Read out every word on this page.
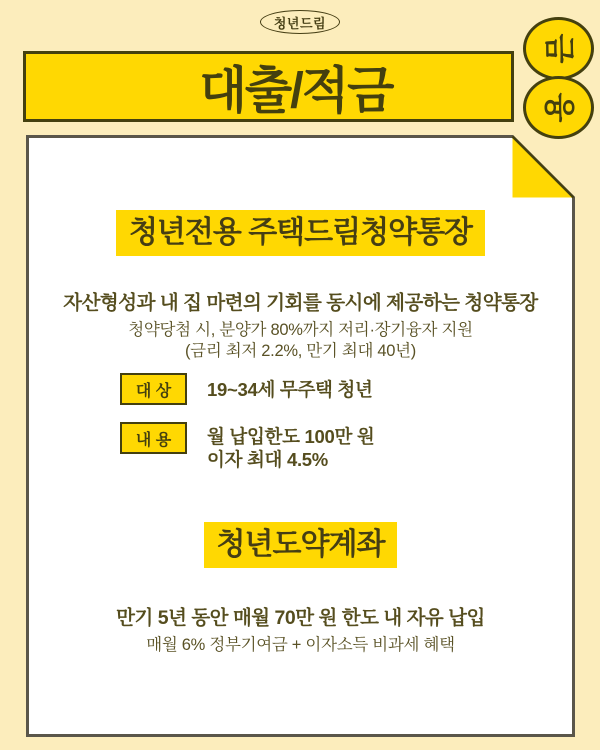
청년드림
대출/적금
금
융
청년전용 주택드림청약통장
자산형성과 내 집 마련의 기회를 동시에 제공하는 청약통장
청약당첨 시, 분양가 80%까지 저리·장기융자 지원
(금리 최저 2.2%, 만기 최대 40년)
대 상 19~34세 무주택 청년
내 용 월 납입한도 100만 원
이자 최대 4.5%
청년도약계좌
만기 5년 동안 매월 70만 원 한도 내 자유 납입
매월 6% 정부기여금 + 이자소득 비과세 혜택
